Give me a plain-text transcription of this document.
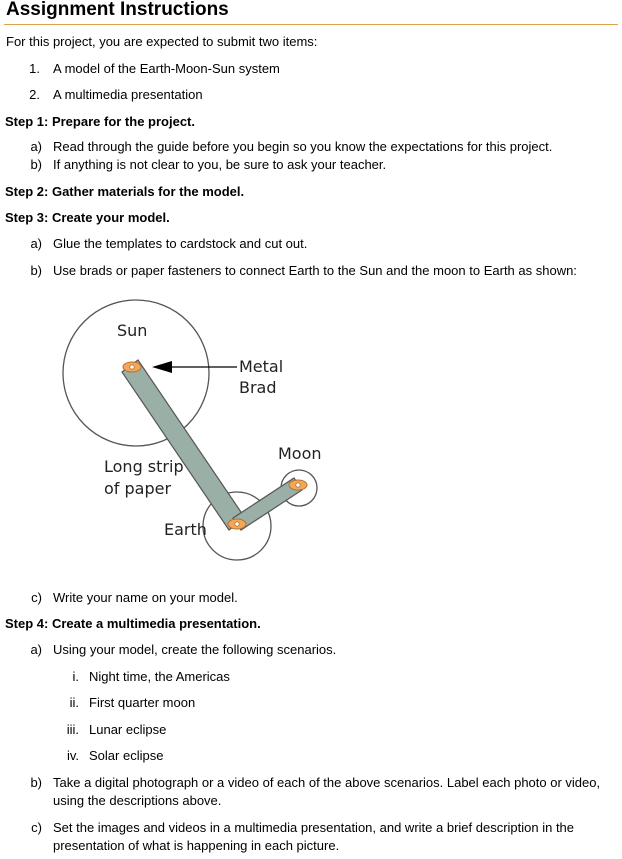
Assignment Instructions
For this project, you are expected to submit two items:
1. A model of the Earth-Moon-Sun system
2. A multimedia presentation
Step 1: Prepare for the project.
a) Read through the guide before you begin so you know the expectations for this project.
b) If anything is not clear to you, be sure to ask your teacher.
Step 2: Gather materials for the model.
Step 3: Create your model.
a) Glue the templates to cardstock and cut out.
b) Use brads or paper fasteners to connect Earth to the Sun and the moon to Earth as shown:
Sun
Metal
Brad
Moon
Long strip
of paper
Earth
c) Write your name on your model.
Step 4: Create a multimedia presentation.
a) Using your model, create the following scenarios.
i. Night time, the Americas
ii. First quarter moon
iii. Lunar eclipse
iv. Solar eclipse
b) Take a digital photograph or a video of each of the above scenarios. Label each photo or video,
using the descriptions above.
c) Set the images and videos in a multimedia presentation, and write a brief description in the
presentation of what is happening in each picture.
